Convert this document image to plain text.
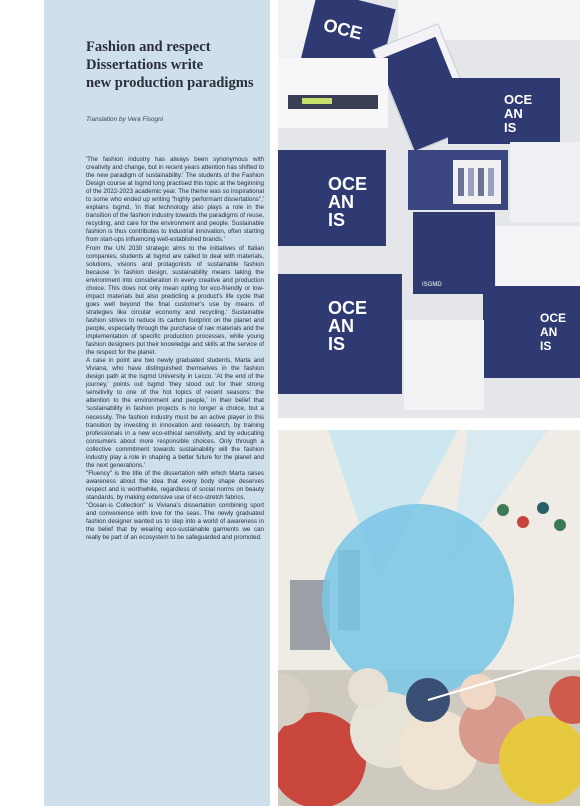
Fashion and respect
Dissertations write
new production paradigms
Translation by Vera Fisogni

'The fashion industry has always been synonymous with creativity and change, but in recent years attention has shifted to the new paradigm of sustainability.' The students of the Fashion Design course at Isgmd long practised this topic at the beginning of the 2022-2023 academic year. The theme was so inspirational to some who ended up writing "highly performant dissertations",' explains Isgmd, 'in that technology also plays a role in the transition of the fashion industry towards the paradigms of reuse, recycling, and care for the environment and people. Sustainable fashion is thus contributes to industrial innovation, often starting from start-ups influencing well-established brands.'

From the UN 2030 strategic aims to the initiatives of Italian companies, students at Isgmd are called to deal with materials, solutions, visions and protagonists of sustainable fashion because 'in fashion design, sustainability means taking the environment into consideration in every creative and production choice. This does not only mean opting for eco-friendly or low-impact materials but also predicting a product's life cycle that goes well beyond the final customer's use by means of strategies like circular economy and recycling.' Sustainable fashion strives to reduce its carbon footprint on the planet and people, especially through the purchase of raw materials and the implementation of specific production processes, while young fashion designers put their knowledge and skills at the service of the respect for the planet.

A case in point are two newly graduated students, Marta and Viviana, who have distinguished themselves in the fashion design path at the Isgmd University in Lecco. 'At the end of the journey,' points out Isgmd 'they stood out for their strong sensitivity to one of the hot topics of recent seasons: the attention to the environment and people,' in their belief that 'sustainability in fashion projects is no longer a choice, but a necessity. The fashion industry must be an active player in this transition by investing in innovation and research, by training professionals in a new eco-ethical sensitivity, and by educating consumers about more responsible choices. Only through a collective commitment towards sustainability will the fashion industry play a role in shaping a better future for the planet and the next generations.'

"Fluency" is the title of the dissertation with which Marta raises awareness about the idea that every body shape deserves respect and is worthwhile, regardless of social norms on beauty standards, by making extensive use of eco-stretch fabrics.

"Ocean-is Collection" is Viviana's dissertation combining sport and convenience with love for the seas. The newly graduated fashion designer wanted us to step into a world of awareness in the belief that by wearing eco-sustainable garments we can really be part of an ecosystem to be safeguarded and promoted.

OCE
OCE
AN
IS
OCE
AN
IS
ISGMD
OCE
AN
IS
OCE
AN
IS
